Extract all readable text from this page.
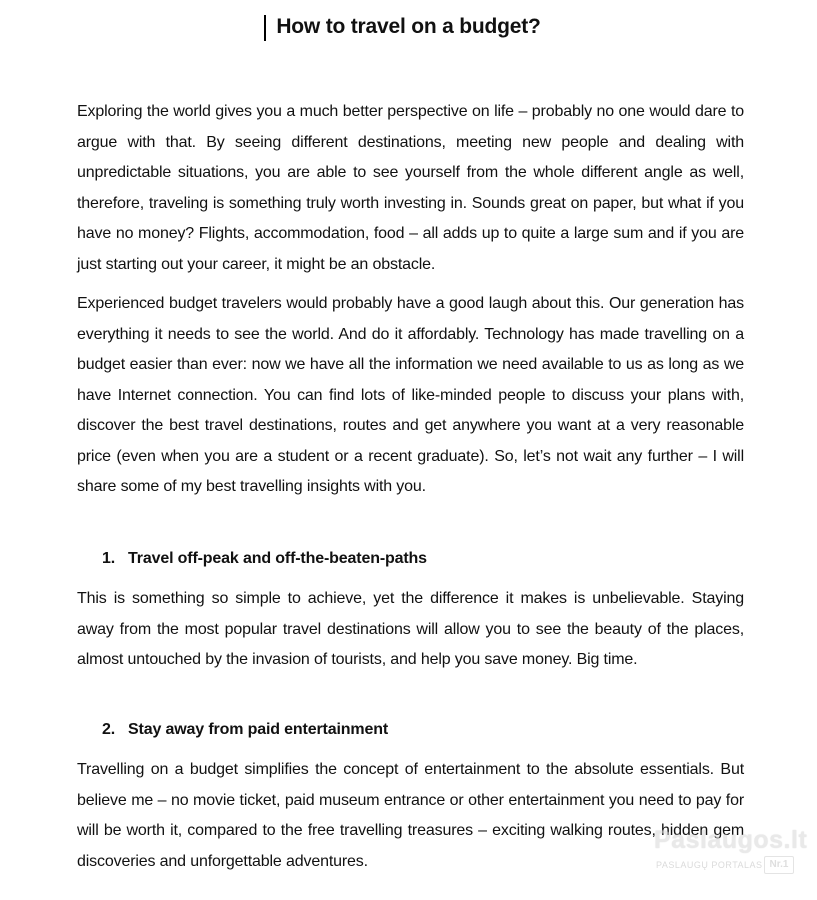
How to travel on a budget?

Exploring the world gives you a much better perspective on life – probably no one would dare to argue with that. By seeing different destinations, meeting new people and dealing with unpredictable situations, you are able to see yourself from the whole different angle as well, therefore, traveling is something truly worth investing in. Sounds great on paper, but what if you have no money? Flights, accommodation, food – all adds up to quite a large sum and if you are just starting out your career, it might be an obstacle.

Experienced budget travelers would probably have a good laugh about this. Our generation has everything it needs to see the world. And do it affordably. Technology has made travelling on a budget easier than ever: now we have all the information we need available to us as long as we have Internet connection. You can find lots of like-minded people to discuss your plans with, discover the best travel destinations, routes and get anywhere you want at a very reasonable price (even when you are a student or a recent graduate). So, let’s not wait any further – I will share some of my best travelling insights with you.

1. Travel off-peak and off-the-beaten-paths

This is something so simple to achieve, yet the difference it makes is unbelievable. Staying away from the most popular travel destinations will allow you to see the beauty of the places, almost untouched by the invasion of tourists, and help you save money. Big time.

2. Stay away from paid entertainment

Travelling on a budget simplifies the concept of entertainment to the absolute essentials. But believe me – no movie ticket, paid museum entrance or other entertainment you need to pay for will be worth it, compared to the free travelling treasures – exciting walking routes, hidden gem discoveries and unforgettable adventures.

Paslaugos.lt
PASLAUGŲ PORTALAS Nr.1
